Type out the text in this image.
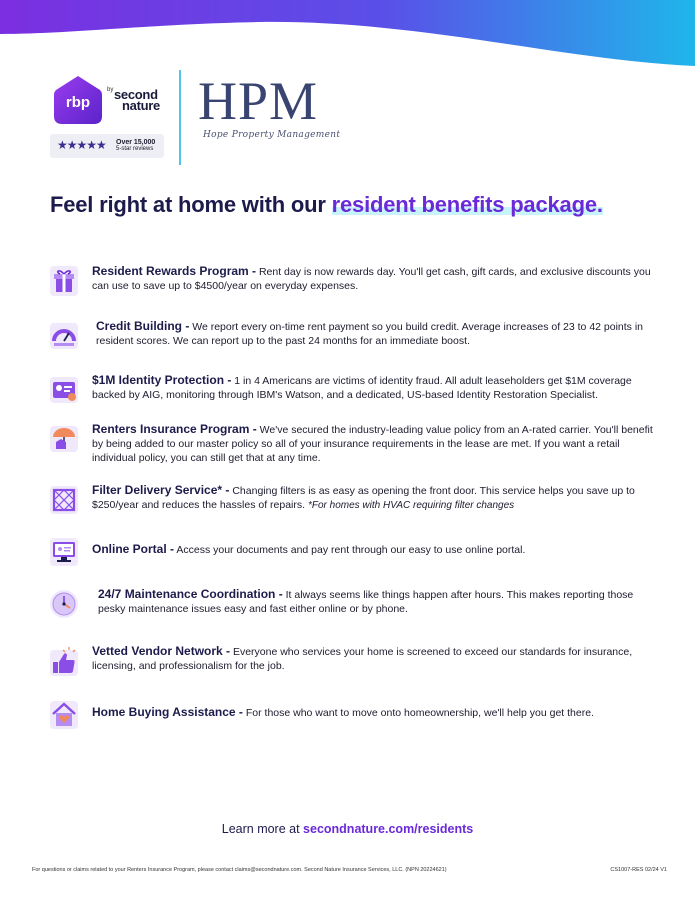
rbp
by second
nature
★★★★★ Over 15,000
5-star reviews
HPM
Hope Property Management
Feel right at home with our resident benefits package.
Resident Rewards Program - Rent day is now rewards day. You'll get cash, gift cards, and exclusive discounts you can use to save up to $4500/year on everyday expenses.
Credit Building - We report every on-time rent payment so you build credit. Average increases of 23 to 42 points in resident scores. We can report up to the past 24 months for an immediate boost.
$1M Identity Protection - 1 in 4 Americans are victims of identity fraud. All adult leaseholders get $1M coverage backed by AIG, monitoring through IBM's Watson, and a dedicated, US-based Identity Restoration Specialist.
Renters Insurance Program - We've secured the industry-leading value policy from an A-rated carrier. You'll benefit by being added to our master policy so all of your insurance requirements in the lease are met. If you want a retail individual policy, you can still get that at any time.
Filter Delivery Service* - Changing filters is as easy as opening the front door. This service helps you save up to $250/year and reduces the hassles of repairs. *For homes with HVAC requiring filter changes
Online Portal - Access your documents and pay rent through our easy to use online portal.
24/7 Maintenance Coordination - It always seems like things happen after hours. This makes reporting those pesky maintenance issues easy and fast either online or by phone.
Vetted Vendor Network - Everyone who services your home is screened to exceed our standards for insurance, licensing, and professionalism for the job.
Home Buying Assistance - For those who want to move onto homeownership, we'll help you get there.
Learn more at secondnature.com/residents
For questions or claims related to your Renters Insurance Program, please contact claims@secondnature.com. Second Nature Insurance Services, LLC. (NPN 20224621)	CS1007-RES 02/24 V1
